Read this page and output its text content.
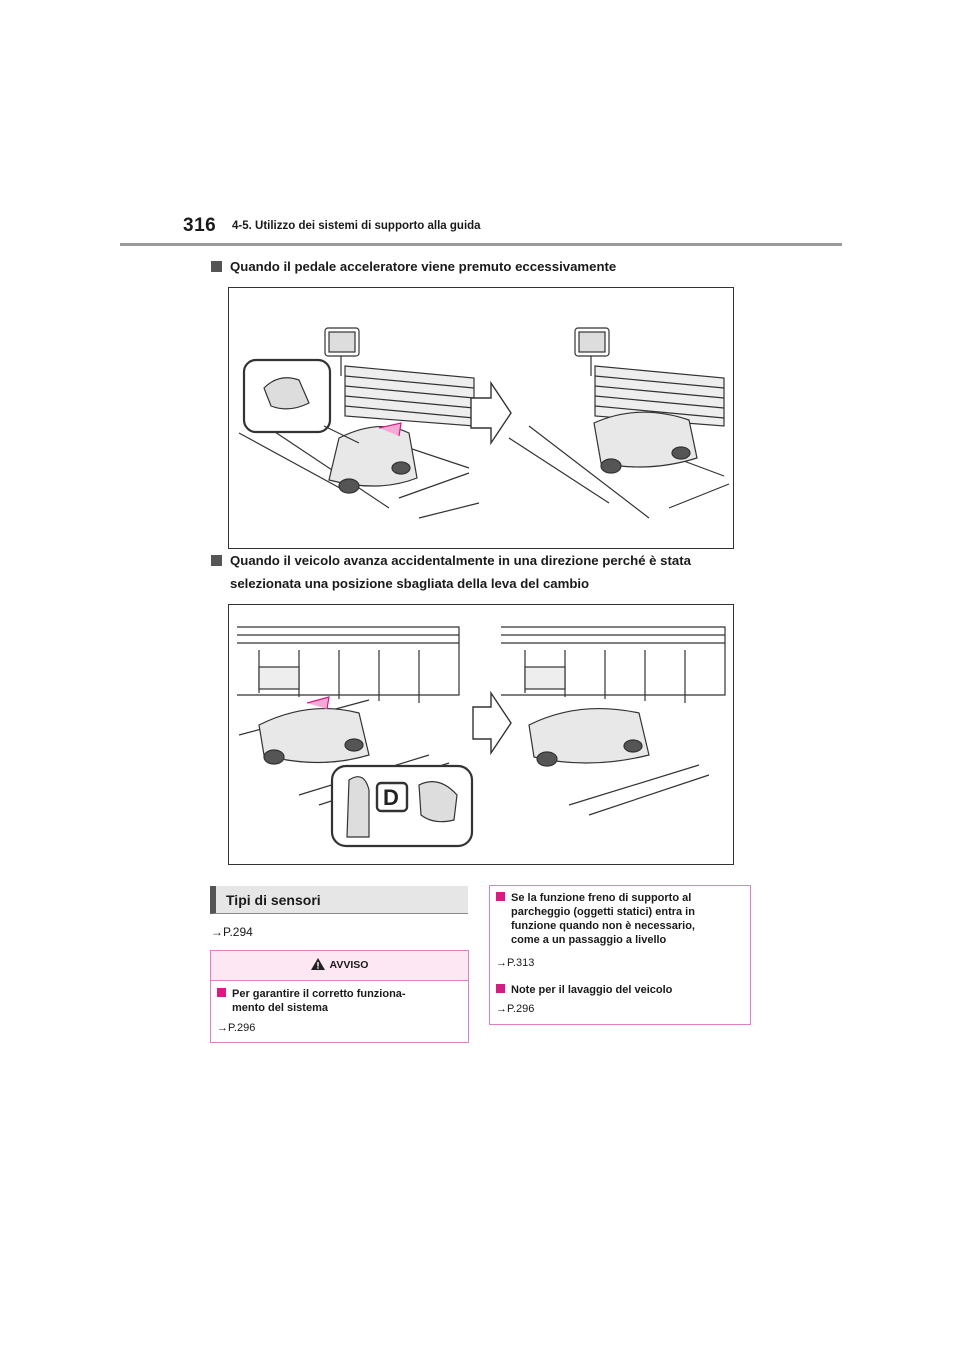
316 4-5. Utilizzo dei sistemi di supporto alla guida
Quando il pedale acceleratore viene premuto eccessivamente
Quando il veicolo avanza accidentalmente in una direzione perché è stata
selezionata una posizione sbagliata della leva del cambio
D
Tipi di sensori
→P.294
AVVISO
Per garantire il corretto funziona-
mento del sistema
→P.296
Se la funzione freno di supporto al
parcheggio (oggetti statici) entra in
funzione quando non è necessario,
come a un passaggio a livello
→P.313
Note per il lavaggio del veicolo
→P.296
